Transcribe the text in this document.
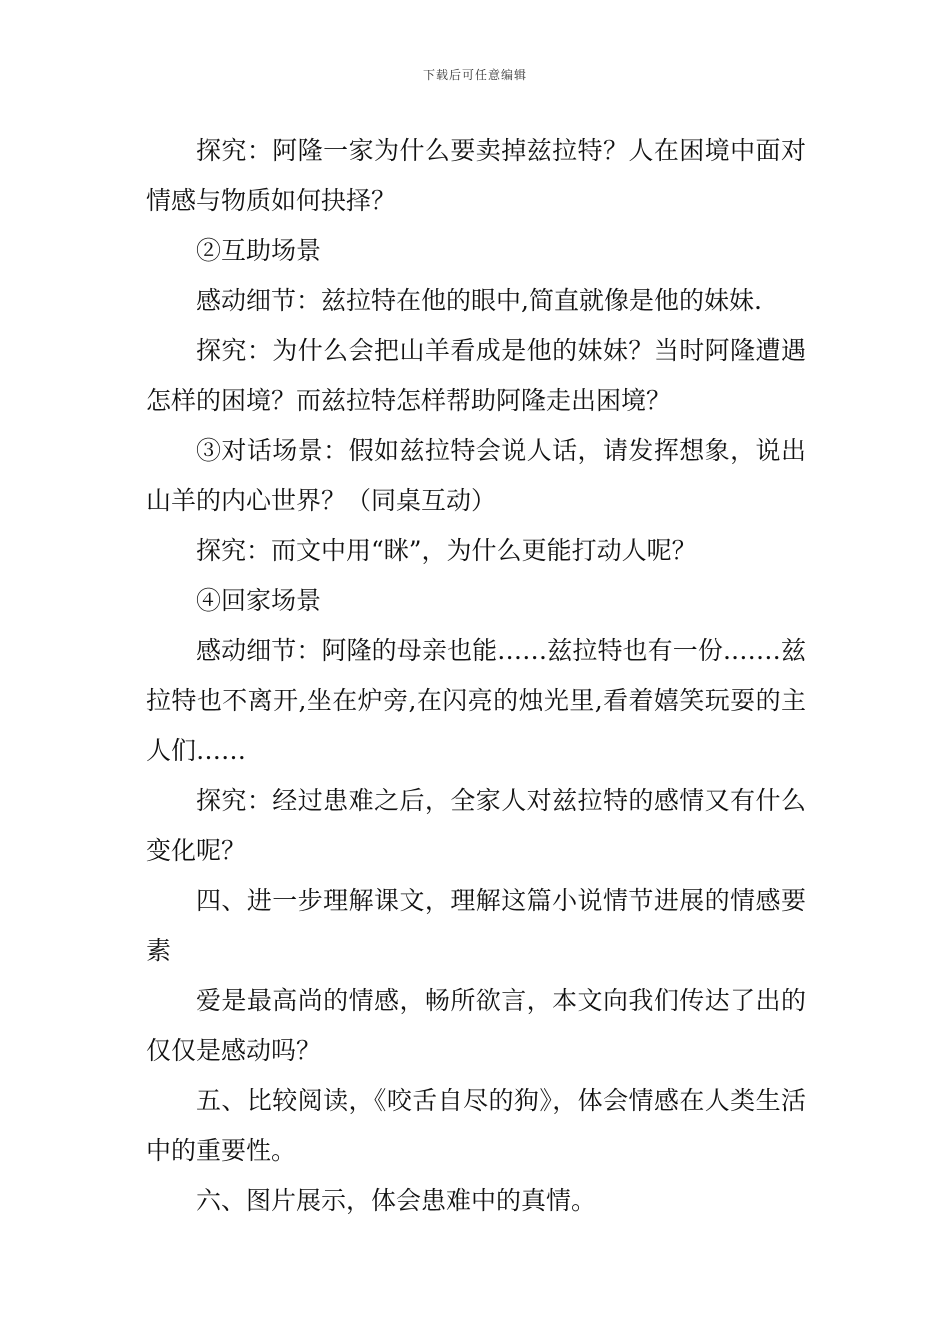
下载后可任意编辑

探究：阿隆一家为什么要卖掉兹拉特？人在困境中面对情感与物质如何抉择？

②互助场景

感动细节：兹拉特在他的眼中,简直就像是他的妹妹.

探究：为什么会把山羊看成是他的妹妹？当时阿隆遭遇怎样的困境？而兹拉特怎样帮助阿隆走出困境？

③对话场景：假如兹拉特会说人话，请发挥想象，说出山羊的内心世界？（同桌互动）

探究：而文中用“眯”，为什么更能打动人呢？

④回家场景

感动细节：阿隆的母亲也能……兹拉特也有一份.……兹拉特也不离开,坐在炉旁,在闪亮的烛光里,看着嬉笑玩耍的主人们……

探究：经过患难之后，全家人对兹拉特的感情又有什么变化呢？

四、进一步理解课文，理解这篇小说情节进展的情感要素

爱是最高尚的情感，畅所欲言，本文向我们传达了出的仅仅是感动吗？

五、比较阅读，《咬舌自尽的狗》，体会情感在人类生活中的重要性。

六、图片展示，体会患难中的真情。
